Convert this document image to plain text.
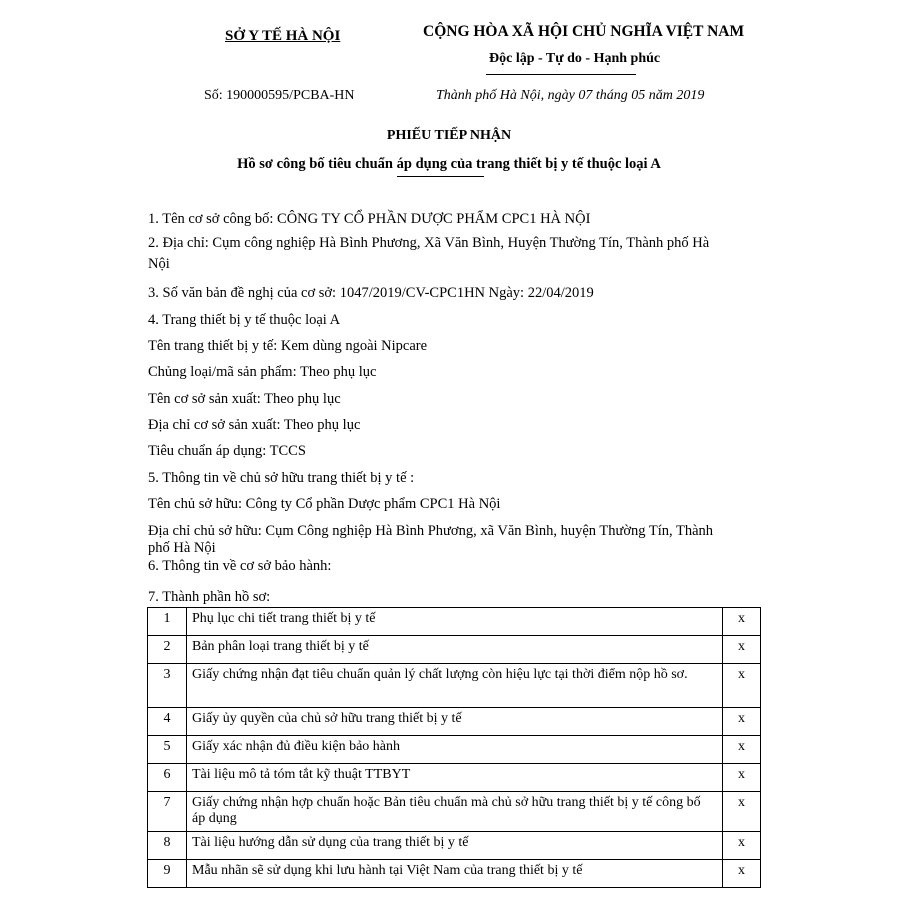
SỞ Y TẾ HÀ NỘI	CỘNG HÒA XÃ HỘI CHỦ NGHĨA VIỆT NAM
Độc lập - Tự do - Hạnh phúc
Số: 190000595/PCBA-HN	Thành phố Hà Nội, ngày 07 tháng 05 năm 2019
PHIẾU TIẾP NHẬN
Hồ sơ công bố tiêu chuẩn áp dụng của trang thiết bị y tế thuộc loại A
1. Tên cơ sở công bố: CÔNG TY CỔ PHẦN DƯỢC PHẨM CPC1 HÀ NỘI
2. Địa chỉ: Cụm công nghiệp Hà Bình Phương, Xã Văn Bình, Huyện Thường Tín, Thành phố Hà
Nội
3. Số văn bản đề nghị của cơ sở: 1047/2019/CV-CPC1HN Ngày: 22/04/2019
4. Trang thiết bị y tế thuộc loại A
Tên trang thiết bị y tế: Kem dùng ngoài Nipcare
Chủng loại/mã sản phẩm: Theo phụ lục
Tên cơ sở sản xuất: Theo phụ lục
Địa chỉ cơ sở sản xuất: Theo phụ lục
Tiêu chuẩn áp dụng: TCCS
5. Thông tin về chủ sở hữu trang thiết bị y tế :
Tên chủ sở hữu: Công ty Cổ phần Dược phẩm CPC1 Hà Nội
Địa chỉ chủ sở hữu: Cụm Công nghiệp Hà Bình Phương, xã Văn Bình, huyện Thường Tín, Thành
phố Hà Nội
6. Thông tin về cơ sở bảo hành:
7. Thành phần hồ sơ:
1	Phụ lục chi tiết trang thiết bị y tế	x
2	Bản phân loại trang thiết bị y tế	x
3	Giấy chứng nhận đạt tiêu chuẩn quản lý chất lượng còn hiệu lực tại thời điểm nộp hồ sơ.	x
4	Giấy ủy quyền của chủ sở hữu trang thiết bị y tế	x
5	Giấy xác nhận đủ điều kiện bảo hành	x
6	Tài liệu mô tả tóm tắt kỹ thuật TTBYT	x
7	Giấy chứng nhận hợp chuẩn hoặc Bản tiêu chuẩn mà chủ sở hữu trang thiết bị y tế công bố áp dụng	x
8	Tài liệu hướng dẫn sử dụng của trang thiết bị y tế	x
9	Mẫu nhãn sẽ sử dụng khi lưu hành tại Việt Nam của trang thiết bị y tế	x
